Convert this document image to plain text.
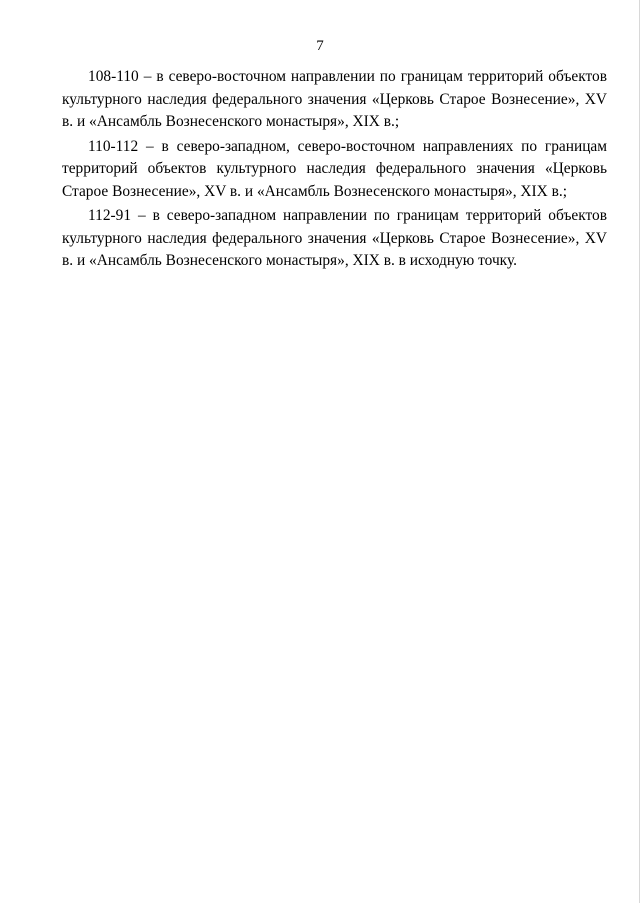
7

108-110 – в северо-восточном направлении по границам территорий объектов культурного наследия федерального значения «Церковь Старое Вознесение», XV в. и «Ансамбль Вознесенского монастыря», XIX в.;

110-112 – в северо-западном, северо-восточном направлениях по границам территорий объектов культурного наследия федерального значения «Церковь Старое Вознесение», XV в. и «Ансамбль Вознесенского монастыря», XIX в.;

112-91 – в северо-западном направлении по границам территорий объектов культурного наследия федерального значения «Церковь Старое Вознесение», XV в. и «Ансамбль Вознесенского монастыря», XIX в. в исходную точку.
